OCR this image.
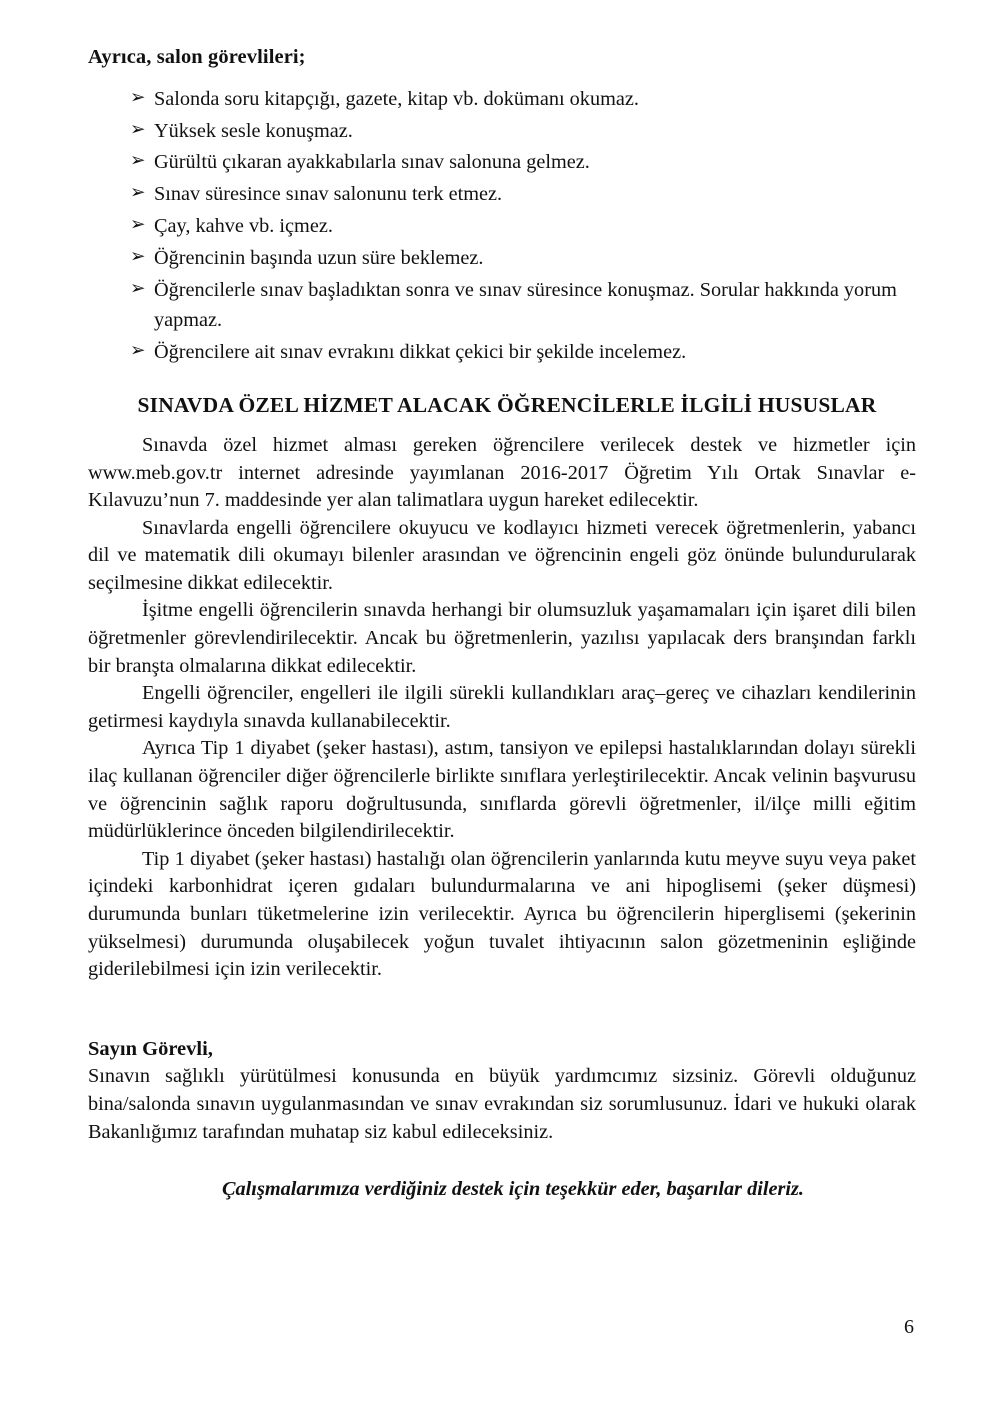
Ayrıca, salon görevlileri;

➢ Salonda soru kitapçığı, gazete, kitap vb. dokümanı okumaz.
➢ Yüksek sesle konuşmaz.
➢ Gürültü çıkaran ayakkabılarla sınav salonuna gelmez.
➢ Sınav süresince sınav salonunu terk etmez.
➢ Çay, kahve vb. içmez.
➢ Öğrencinin başında uzun süre beklemez.
➢ Öğrencilerle sınav başladıktan sonra ve sınav süresince konuşmaz. Sorular hakkında yorum yapmaz.
➢ Öğrencilere ait sınav evrakını dikkat çekici bir şekilde incelemez.
SINAVDA ÖZEL HİZMET ALACAK ÖĞRENCİLERLE İLGİLİ HUSUSLAR

Sınavda özel hizmet alması gereken öğrencilere verilecek destek ve hizmetler için www.meb.gov.tr internet adresinde yayımlanan 2016-2017 Öğretim Yılı Ortak Sınavlar e-Kılavuzu’nun 7. maddesinde yer alan talimatlara uygun hareket edilecektir.

Sınavlarda engelli öğrencilere okuyucu ve kodlayıcı hizmeti verecek öğretmenlerin, yabancı dil ve matematik dili okumayı bilenler arasından ve öğrencinin engeli göz önünde bulundurularak seçilmesine dikkat edilecektir.

İşitme engelli öğrencilerin sınavda herhangi bir olumsuzluk yaşamamaları için işaret dili bilen öğretmenler görevlendirilecektir. Ancak bu öğretmenlerin, yazılısı yapılacak ders branşından farklı bir branşta olmalarına dikkat edilecektir.

Engelli öğrenciler, engelleri ile ilgili sürekli kullandıkları araç–gereç ve cihazları kendilerinin getirmesi kaydıyla sınavda kullanabilecektir.

Ayrıca Tip 1 diyabet (şeker hastası), astım, tansiyon ve epilepsi hastalıklarından dolayı sürekli ilaç kullanan öğrenciler diğer öğrencilerle birlikte sınıflara yerleştirilecektir. Ancak velinin başvurusu ve öğrencinin sağlık raporu doğrultusunda, sınıflarda görevli öğretmenler, il/ilçe milli eğitim müdürlüklerince önceden bilgilendirilecektir.

Tip 1 diyabet (şeker hastası) hastalığı olan öğrencilerin yanlarında kutu meyve suyu veya paket içindeki karbonhidrat içeren gıdaları bulundurmalarına ve ani hipoglisemi (şeker düşmesi) durumunda bunları tüketmelerine izin verilecektir. Ayrıca bu öğrencilerin hiperglisemi (şekerinin yükselmesi) durumunda oluşabilecek yoğun tuvalet ihtiyacının salon gözetmeninin eşliğinde giderilebilmesi için izin verilecektir.

Sayın Görevli,

Sınavın sağlıklı yürütülmesi konusunda en büyük yardımcımız sizsiniz. Görevli olduğunuz bina/salonda sınavın uygulanmasından ve sınav evrakından siz sorumlusunuz. İdari ve hukuki olarak Bakanlığımız tarafından muhatap siz kabul edileceksiniz.

Çalışmalarımıza verdiğiniz destek için teşekkür eder, başarılar dileriz.

6
